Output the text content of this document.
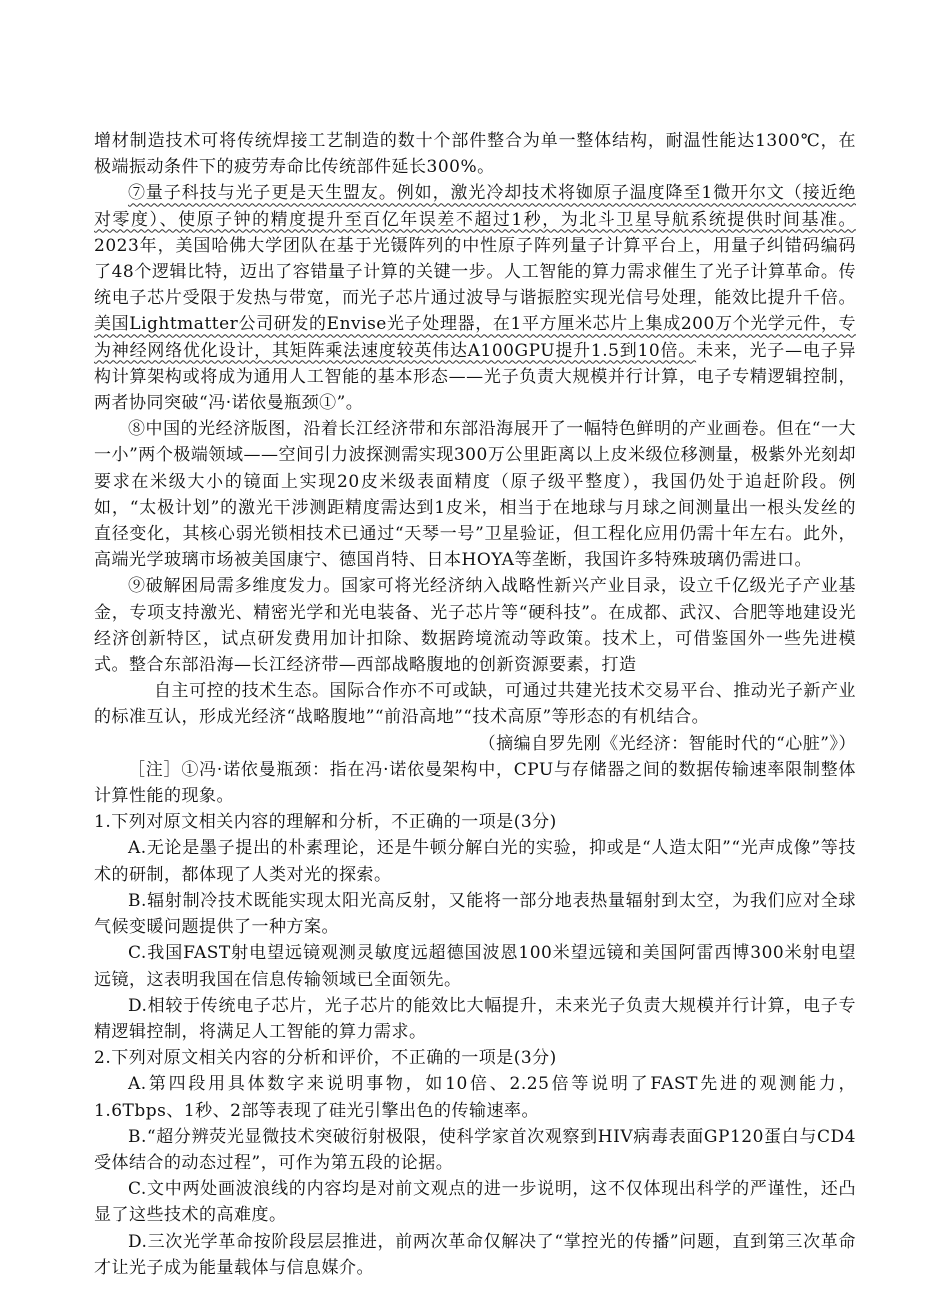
增材制造技术可将传统焊接工艺制造的数十个部件整合为单一整体结构，耐温性能达1300℃，在极端振动条件下的疲劳寿命比传统部件延长300%。

⑦量子科技与光子更是天生盟友。例如，激光冷却技术将铷原子温度降至1微开尔文（接近绝对零度）、使原子钟的精度提升至百亿年误差不超过1秒，为北斗卫星导航系统提供时间基准。2023年，美国哈佛大学团队在基于光镊阵列的中性原子阵列量子计算平台上，用量子纠错码编码了48个逻辑比特，迈出了容错量子计算的关键一步。人工智能的算力需求催生了光子计算革命。传统电子芯片受限于发热与带宽，而光子芯片通过波导与谐振腔实现光信号处理，能效比提升千倍。美国Lightmatter公司研发的Envise光子处理器，在1平方厘米芯片上集成200万个光学元件，专为神经网络优化设计，其矩阵乘法速度较英伟达A100GPU提升1.5到10倍。未来，光子—电子异构计算架构或将成为通用人工智能的基本形态——光子负责大规模并行计算，电子专精逻辑控制，两者协同突破“冯·诺依曼瓶颈①”。

⑧中国的光经济版图，沿着长江经济带和东部沿海展开了一幅特色鲜明的产业画卷。但在“一大一小”两个极端领域——空间引力波探测需实现300万公里距离以上皮米级位移测量，极紫外光刻却要求在米级大小的镜面上实现20皮米级表面精度（原子级平整度），我国仍处于追赶阶段。例如，“太极计划”的激光干涉测距精度需达到1皮米，相当于在地球与月球之间测量出一根头发丝的直径变化，其核心弱光锁相技术已通过“天琴一号”卫星验证，但工程化应用仍需十年左右。此外，高端光学玻璃市场被美国康宁、德国肖特、日本HOYA等垄断，我国许多特殊玻璃仍需进口。

⑨破解困局需多维度发力。国家可将光经济纳入战略性新兴产业目录，设立千亿级光子产业基金，专项支持激光、精密光学和光电装备、光子芯片等“硬科技”。在成都、武汉、合肥等地建设光经济创新特区，试点研发费用加计扣除、数据跨境流动等政策。技术上，可借鉴国外一些先进模式。整合东部沿海—长江经济带—西部战略腹地的创新资源要素，打造

自主可控的技术生态。国际合作亦不可或缺，可通过共建光技术交易平台、推动光子新产业的标准互认，形成光经济“战略腹地”“前沿高地”“技术高原”等形态的有机结合。

（摘编自罗先刚《光经济：智能时代的“心脏”》）

［注］①冯·诺依曼瓶颈：指在冯·诺依曼架构中，CPU与存储器之间的数据传输速率限制整体计算性能的现象。

1.下列对原文相关内容的理解和分析，不正确的一项是(3分)

A.无论是墨子提出的朴素理论，还是牛顿分解白光的实验，抑或是“人造太阳”“光声成像”等技术的研制，都体现了人类对光的探索。

B.辐射制冷技术既能实现太阳光高反射，又能将一部分地表热量辐射到太空，为我们应对全球气候变暖问题提供了一种方案。

C.我国FAST射电望远镜观测灵敏度远超德国波恩100米望远镜和美国阿雷西博300米射电望远镜，这表明我国在信息传输领域已全面领先。

D.相较于传统电子芯片，光子芯片的能效比大幅提升，未来光子负责大规模并行计算，电子专精逻辑控制，将满足人工智能的算力需求。

2.下列对原文相关内容的分析和评价，不正确的一项是(3分)

A.第四段用具体数字来说明事物，如10倍、2.25倍等说明了FAST先进的观测能力，1.6Tbps、1秒、2部等表现了硅光引擎出色的传输速率。

B.“超分辨荧光显微技术突破衍射极限，使科学家首次观察到HIV病毒表面GP120蛋白与CD4受体结合的动态过程”，可作为第五段的论据。

C.文中两处画波浪线的内容均是对前文观点的进一步说明，这不仅体现出科学的严谨性，还凸显了这些技术的高难度。

D.三次光学革命按阶段层层推进，前两次革命仅解决了“掌控光的传播”问题，直到第三次革命才让光子成为能量载体与信息媒介。
